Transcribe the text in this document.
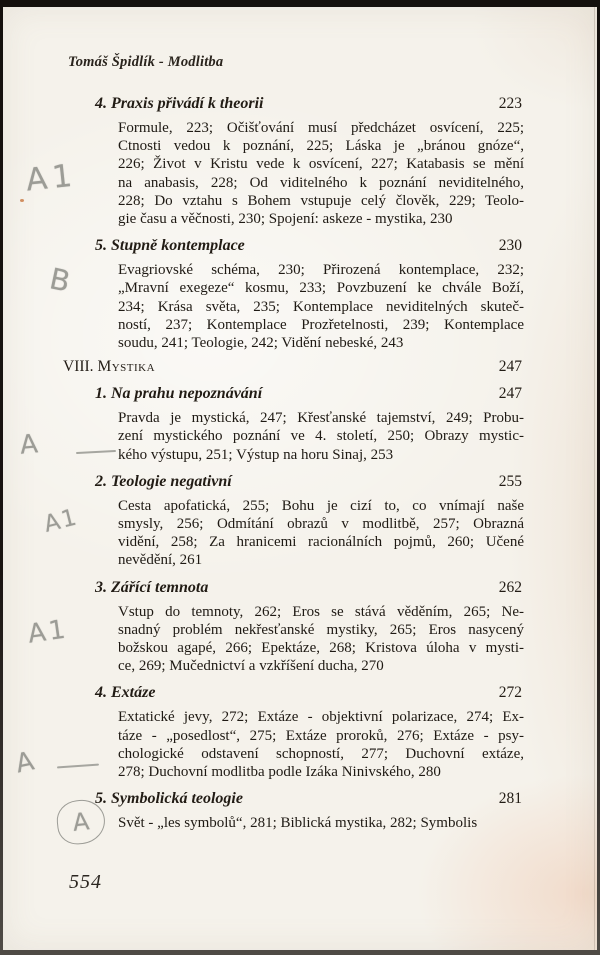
Tomáš Špidlík - Modlitba
4. Praxis přivádí k theorii	223
Formule, 223; Očišťování musí předcházet osvícení, 225;
Ctnosti vedou k poznání, 225; Láska je „bránou gnóze“,
226; Život v Kristu vede k osvícení, 227; Katabasis se mění
na anabasis, 228; Od viditelného k poznání neviditelného,
228; Do vztahu s Bohem vstupuje celý člověk, 229; Teolo-
gie času a věčnosti, 230; Spojení: askeze - mystika, 230
5. Stupně kontemplace	230
Evagriovské schéma, 230; Přirozená kontemplace, 232;
„Mravní exegeze“ kosmu, 233; Povzbuzení ke chvále Boží,
234; Krása světa, 235; Kontemplace neviditelných skuteč-
ností, 237; Kontemplace Prozřetelnosti, 239; Kontemplace
soudu, 241; Teologie, 242; Vidění nebeské, 243
VIII. Mystika	247
1. Na prahu nepoznávání	247
Pravda je mystická, 247; Křesťanské tajemství, 249; Probu-
zení mystického poznání ve 4. století, 250; Obrazy mystic-
kého výstupu, 251; Výstup na horu Sinaj, 253
2. Teologie negativní	255
Cesta apofatická, 255; Bohu je cizí to, co vnímají naše
smysly, 256; Odmítání obrazů v modlitbě, 257; Obrazná
vidění, 258; Za hranicemi racionálních pojmů, 260; Učené
nevědění, 261
3. Zářící temnota	262
Vstup do temnoty, 262; Eros se stává věděním, 265; Ne-
snadný problém nekřesťanské mystiky, 265; Eros nasycený
božskou agapé, 266; Epektáze, 268; Kristova úloha v mysti-
ce, 269; Mučednictví a vzkříšení ducha, 270
4. Extáze	272
Extatické jevy, 272; Extáze - objektivní polarizace, 274; Ex-
táze - „posedlost“, 275; Extáze proroků, 276; Extáze - psy-
chologické odstavení schopností, 277; Duchovní extáze,
278; Duchovní modlitba podle Izáka Ninivského, 280
5. Symbolická teologie	281
Svět - „les symbolů“, 281; Biblická mystika, 282; Symbolis
554
A1
B
A
A1
A1
A
A
